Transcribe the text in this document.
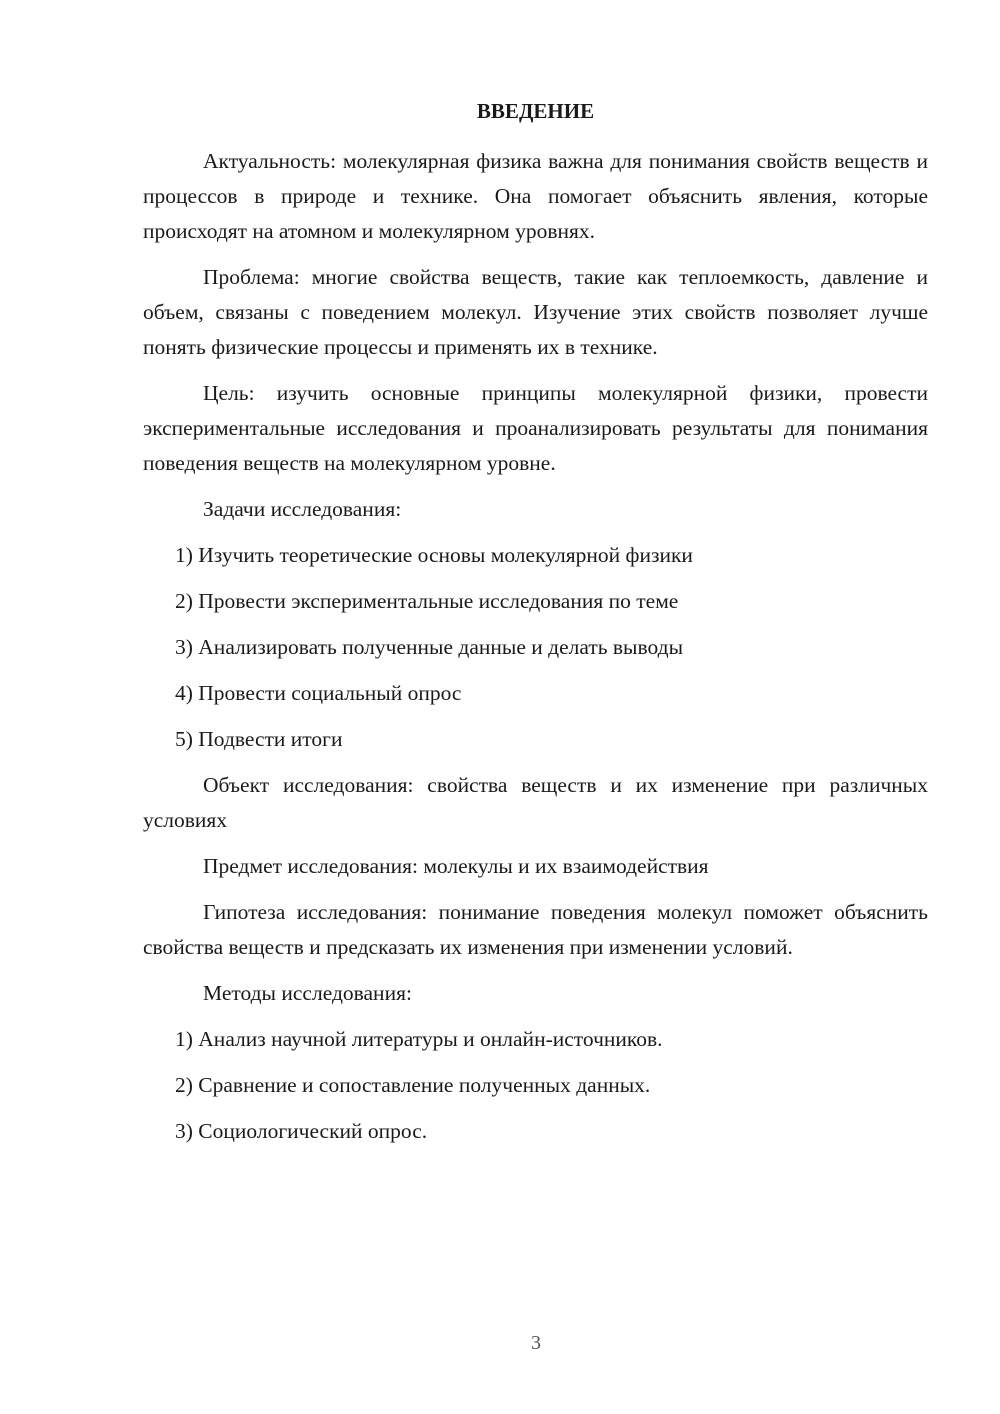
ВВЕДЕНИЕ

Актуальность: молекулярная физика важна для понимания свойств веществ и процессов в природе и технике. Она помогает объяснить явления, которые происходят на атомном и молекулярном уровнях.

Проблема: многие свойства веществ, такие как теплоемкость, давление и объем, связаны с поведением молекул. Изучение этих свойств позволяет лучше понять физические процессы и применять их в технике.

Цель: изучить основные принципы молекулярной физики, провести экспериментальные исследования и проанализировать результаты для понимания поведения веществ на молекулярном уровне.

Задачи исследования:

1) Изучить теоретические основы молекулярной физики
2) Провести экспериментальные исследования по теме
3) Анализировать полученные данные и делать выводы
4) Провести социальный опрос
5) Подвести итоги

Объект исследования: свойства веществ и их изменение при различных условиях

Предмет исследования: молекулы и их взаимодействия

Гипотеза исследования: понимание поведения молекул поможет объяснить свойства веществ и предсказать их изменения при изменении условий.

Методы исследования:

1) Анализ научной литературы и онлайн-источников.
2) Сравнение и сопоставление полученных данных.
3) Социологический опрос.
3
